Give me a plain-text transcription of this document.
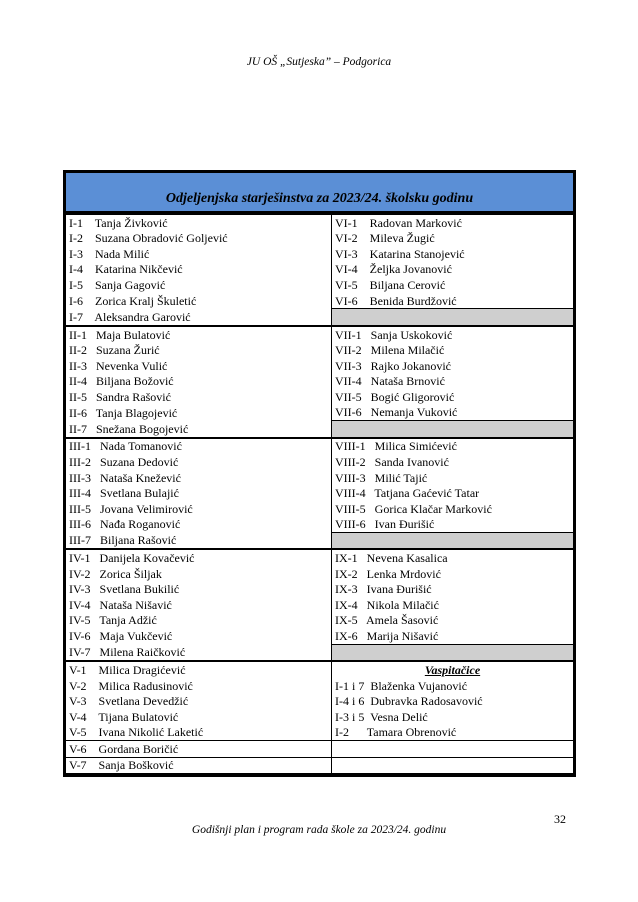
JU OŠ „Sutjeska” – Podgorica
Odjeljenjska starješinstva za 2023/24. školsku godinu
I-1    Tanja Živković	VI-1    Radovan Marković
I-2    Suzana Obradović Goljević	VI-2    Mileva Žugić
I-3    Nada Milić	VI-3    Katarina Stanojević
I-4    Katarina Nikčević	VI-4    Željka Jovanović
I-5    Sanja Gagović	VI-5    Biljana Cerović
I-6    Zorica Kralj Škuletić	VI-6    Benida Burdžović
I-7    Aleksandra Garović	
II-1   Maja Bulatović	VII-1   Sanja Uskoković
II-2   Suzana Žurić	VII-2   Milena Milačić
II-3   Nevenka Vulić	VII-3   Rajko Jokanović
II-4   Biljana Božović	VII-4   Nataša Brnović
II-5   Sandra Rašović	VII-5   Bogić Gligorović
II-6   Tanja Blagojević	VII-6   Nemanja Vuković
II-7   Snežana Bogojević	
III-1   Nada Tomanović	VIII-1   Milica Simićević
III-2   Suzana Dedović	VIII-2   Sanda Ivanović
III-3   Nataša Knežević	VIII-3   Milić Tajić
III-4   Svetlana Bulajić	VIII-4   Tatjana Gaćević Tatar
III-5   Jovana Velimirović	VIII-5   Gorica Klačar Marković
III-6   Nađa Roganović	VIII-6   Ivan Đurišić
III-7   Biljana Rašović	
IV-1   Danijela Kovačević	IX-1   Nevena Kasalica
IV-2   Zorica Šiljak	IX-2   Lenka Mrdović
IV-3   Svetlana Bukilić	IX-3   Ivana Đurišić
IV-4   Nataša Nišavić	IX-4   Nikola Milačić
IV-5   Tanja Adžić	IX-5   Amela Šasović
IV-6   Maja Vukčević	IX-6   Marija Nišavić
IV-7   Milena Raičković	
V-1    Milica Dragićević	Vaspitačice
V-2    Milica Radusinović	I-1 i 7  Blaženka Vujanović
V-3    Svetlana Devedžić	I-4 i 6  Dubravka Radosavović
V-4    Tijana Bulatović	I-3 i 5  Vesna Delić
V-5    Ivana Nikolić Laketić	I-2      Tamara Obrenović
V-6    Gordana Boričić	
V-7    Sanja Bošković	
32
Godišnji plan i program rada škole za 2023/24. godinu
